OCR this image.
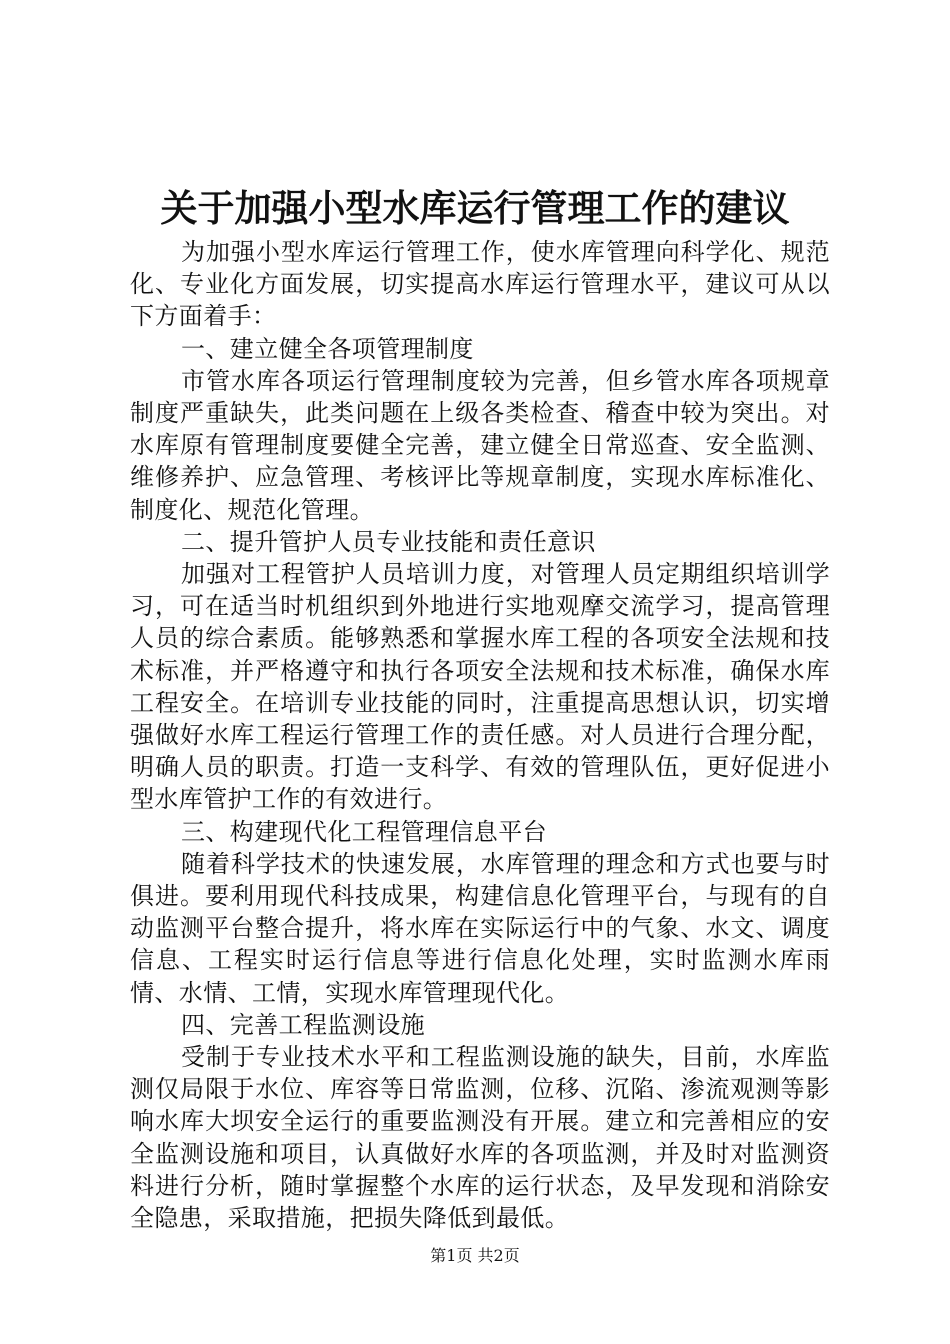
关于加强小型水库运行管理工作的建议

为加强小型水库运行管理工作，使水库管理向科学化、规范化、专业化方面发展，切实提高水库运行管理水平，建议可从以下方面着手：

一、建立健全各项管理制度

市管水库各项运行管理制度较为完善，但乡管水库各项规章制度严重缺失，此类问题在上级各类检查、稽查中较为突出。对水库原有管理制度要健全完善，建立健全日常巡查、安全监测、维修养护、应急管理、考核评比等规章制度，实现水库标准化、制度化、规范化管理。

二、提升管护人员专业技能和责任意识

加强对工程管护人员培训力度，对管理人员定期组织培训学习，可在适当时机组织到外地进行实地观摩交流学习，提高管理人员的综合素质。能够熟悉和掌握水库工程的各项安全法规和技术标准，并严格遵守和执行各项安全法规和技术标准，确保水库工程安全。在培训专业技能的同时，注重提高思想认识，切实增强做好水库工程运行管理工作的责任感。对人员进行合理分配，明确人员的职责。打造一支科学、有效的管理队伍，更好促进小型水库管护工作的有效进行。

三、构建现代化工程管理信息平台

随着科学技术的快速发展，水库管理的理念和方式也要与时俱进。要利用现代科技成果，构建信息化管理平台，与现有的自动监测平台整合提升，将水库在实际运行中的气象、水文、调度信息、工程实时运行信息等进行信息化处理，实时监测水库雨情、水情、工情，实现水库管理现代化。

四、完善工程监测设施

受制于专业技术水平和工程监测设施的缺失，目前，水库监测仅局限于水位、库容等日常监测，位移、沉陷、渗流观测等影响水库大坝安全运行的重要监测没有开展。建立和完善相应的安全监测设施和项目，认真做好水库的各项监测，并及时对监测资料进行分析，随时掌握整个水库的运行状态，及早发现和消除安全隐患，采取措施，把损失降低到最低。

第1页 共2页
